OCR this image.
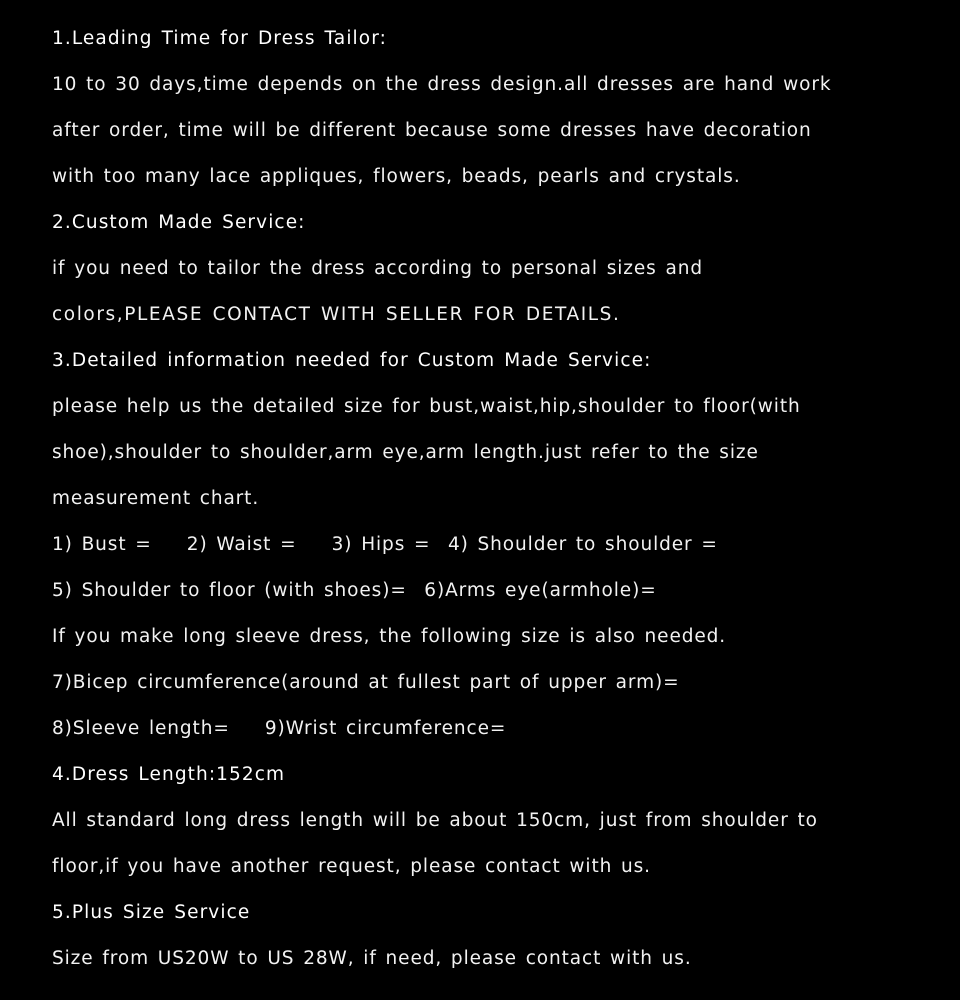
1.Leading Time for Dress Tailor:
10 to 30 days,time depends on the dress design.all dresses are hand work
after order, time will be different because some dresses have decoration
with too many lace appliques, flowers, beads, pearls and crystals.
2.Custom Made Service:
if you need to tailor the dress according to personal sizes and
colors,PLEASE CONTACT WITH SELLER FOR DETAILS.
3.Detailed information needed for Custom Made Service:
please help us the detailed size for bust,waist,hip,shoulder to floor(with
shoe),shoulder to shoulder,arm eye,arm length.just refer to the size
measurement chart.
1) Bust =    2) Waist =    3) Hips =  4) Shoulder to shoulder =
5) Shoulder to floor (with shoes)=  6)Arms eye(armhole)=
If you make long sleeve dress, the following size is also needed.
7)Bicep circumference(around at fullest part of upper arm)=
8)Sleeve length=    9)Wrist circumference=
4.Dress Length:152cm
All standard long dress length will be about 150cm, just from shoulder to
floor,if you have another request, please contact with us.
5.Plus Size Service
Size from US20W to US 28W, if need, please contact with us.
